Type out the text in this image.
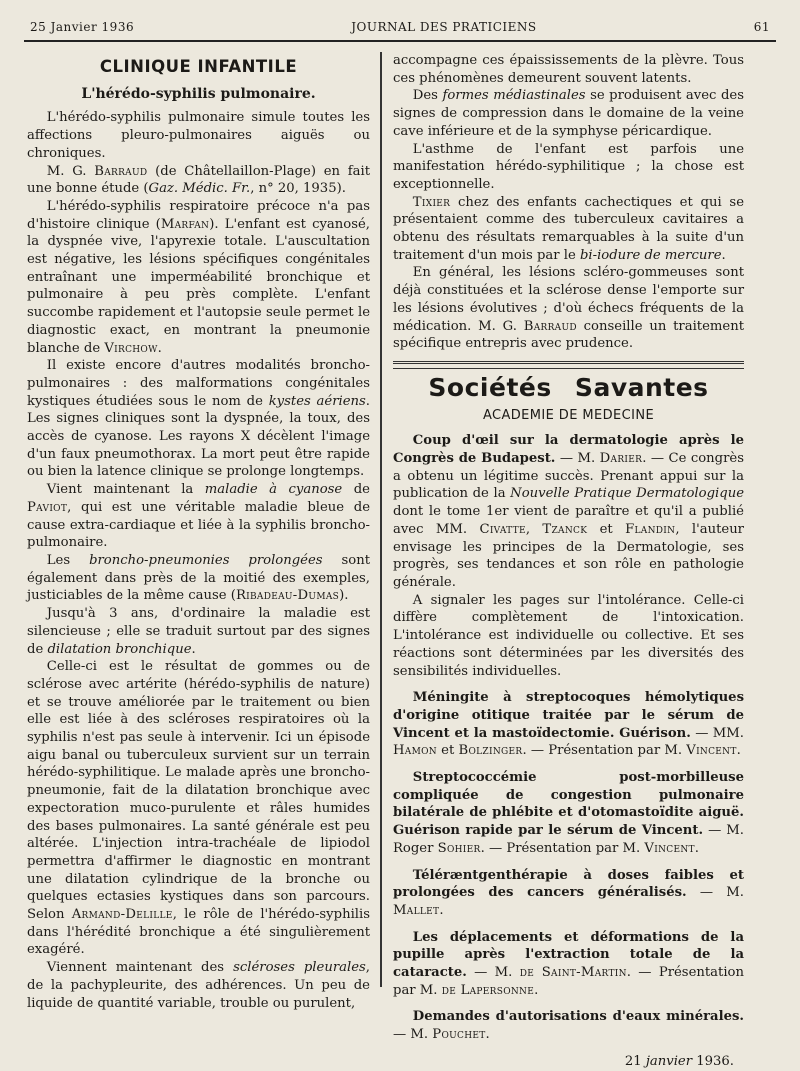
25 Janvier 1936	JOURNAL DES PRATICIENS	61
CLINIQUE INFANTILE
L'hérédo-syphilis pulmonaire.

L'hérédo-syphilis pulmonaire simule toutes les affections pleuro-pulmonaires aiguës ou chroniques.

M. G. Barraud (de Châtellaillon-Plage) en fait une bonne étude (Gaz. Médic. Fr., n° 20, 1935).

L'hérédo-syphilis respiratoire précoce n'a pas d'histoire clinique (Marfan). L'enfant est cyanosé, la dyspnée vive, l'apyrexie totale. L'auscultation est négative, les lésions spécifiques congénitales entraînant une imperméabilité bronchique et pulmonaire à peu près complète. L'enfant succombe rapidement et l'autopsie seule permet le diagnostic exact, en montrant la pneumonie blanche de Virchow.

Il existe encore d'autres modalités broncho-pulmonaires : des malformations congénitales kystiques étudiées sous le nom de kystes aériens. Les signes cliniques sont la dyspnée, la toux, des accès de cyanose. Les rayons X décèlent l'image d'un faux pneumothorax. La mort peut être rapide ou bien la latence clinique se prolonge longtemps.

Vient maintenant la maladie à cyanose de Paviot, qui est une véritable maladie bleue de cause extra-cardiaque et liée à la syphilis broncho-pulmonaire.

Les broncho-pneumonies prolongées sont également dans près de la moitié des exemples, justiciables de la même cause (Ribadeau-Dumas).

Jusqu'à 3 ans, d'ordinaire la maladie est silencieuse ; elle se traduit surtout par des signes de dilatation bronchique.

Celle-ci est le résultat de gommes ou de sclérose avec artérite (hérédo-syphilis de nature) et se trouve améliorée par le traitement ou bien elle est liée à des scléroses respiratoires où la syphilis n'est pas seule à intervenir. Ici un épisode aigu banal ou tuberculeux survient sur un terrain hérédo-syphilitique. Le malade après une broncho-pneumonie, fait de la dilatation bronchique avec expectoration muco-purulente et râles humides des bases pulmonaires. La santé générale est peu altérée. L'injection intra-trachéale de lipiodol permettra d'affirmer le diagnostic en montrant une dilatation cylindrique de la bronche ou quelques ectasies kystiques dans son parcours. Selon Armand-Delille, le rôle de l'hérédo-syphilis dans l'hérédité bronchique a été singulièrement exagéré.

Viennent maintenant des scléroses pleurales, de la pachypleurite, des adhérences. Un peu de liquide de quantité variable, trouble ou purulent,

accompagne ces épaississements de la plèvre. Tous ces phénomènes demeurent souvent latents.

Des formes médiastinales se produisent avec des signes de compression dans le domaine de la veine cave inférieure et de la symphyse péricardique.

L'asthme de l'enfant est parfois une manifestation hérédo-syphilitique ; la chose est exceptionnelle.

Tixier chez des enfants cachectiques et qui se présentaient comme des tuberculeux cavitaires a obtenu des résultats remarquables à la suite d'un traitement d'un mois par le bi-iodure de mercure.

En général, les lésions scléro-gommeuses sont déjà constituées et la sclérose dense l'emporte sur les lésions évolutives ; d'où échecs fréquents de la médication. M. G. Barraud conseille un traitement spécifique entrepris avec prudence.

Sociétés Savantes
ACADEMIE DE MEDECINE

Coup d'œil sur la dermatologie après le Congrès de Budapest. — M. Darier. — Ce congrès a obtenu un légitime succès. Prenant appui sur la publication de la Nouvelle Pratique Dermatologique dont le tome 1er vient de paraître et qu'il a publié avec MM. Civatte, Tzanck et Flandin, l'auteur envisage les principes de la Dermatologie, ses progrès, ses tendances et son rôle en pathologie générale.

A signaler les pages sur l'intolérance. Celle-ci diffère complètement de l'intoxication. L'intolérance est individuelle ou collective. Et ses réactions sont déterminées par les diversités des sensibilités individuelles.

Méningite à streptocoques hémolytiques d'origine otitique traitée par le sérum de Vincent et la mastoïdectomie. Guérison. — MM. Hamon et Bolzinger. — Présentation par M. Vincent.

Streptococcémie post-morbilleuse compliquée de congestion pulmonaire bilatérale de phlébite et d'otomastoïdite aiguë. Guérison rapide par le sérum de Vincent. — M. Roger Sohier. — Présentation par M. Vincent.

Téléræntgenthérapie à doses faibles et prolongées des cancers généralisés. — M. Mallet.

Les déplacements et déformations de la pupille après l'extraction totale de la cataracte. — M. de Saint-Martin. — Présentation par M. de Lapersonne.

Demandes d'autorisations d'eaux minérales. — M. Pouchet.

21 janvier 1936.
